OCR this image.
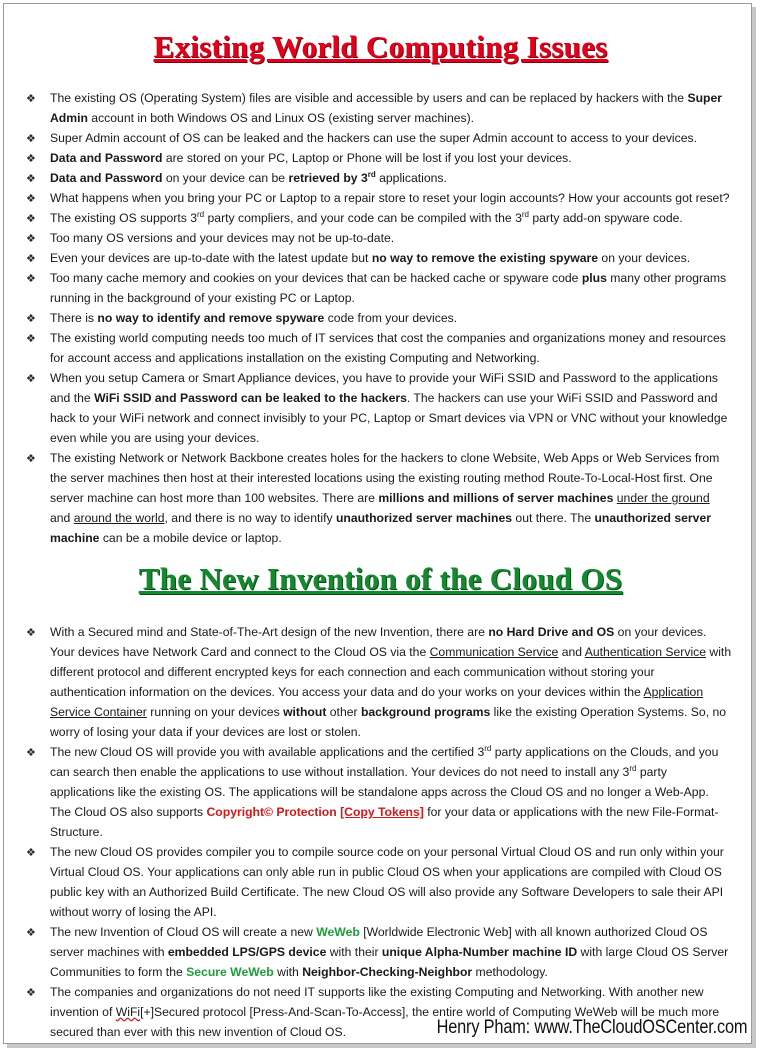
Existing World Computing Issues
❖ The existing OS (Operating System) files are visible and accessible by users and can be replaced by hackers with the Super Admin account in both Windows OS and Linux OS (existing server machines).
❖ Super Admin account of OS can be leaked and the hackers can use the super Admin account to access to your devices.
❖ Data and Password are stored on your PC, Laptop or Phone will be lost if you lost your devices.
❖ Data and Password on your device can be retrieved by 3rd applications.
❖ What happens when you bring your PC or Laptop to a repair store to reset your login accounts? How your accounts got reset?
❖ The existing OS supports 3rd party compliers, and your code can be compiled with the 3rd party add-on spyware code.
❖ Too many OS versions and your devices may not be up-to-date.
❖ Even your devices are up-to-date with the latest update but no way to remove the existing spyware on your devices.
❖ Too many cache memory and cookies on your devices that can be hacked cache or spyware code plus many other programs running in the background of your existing PC or Laptop.
❖ There is no way to identify and remove spyware code from your devices.
❖ The existing world computing needs too much of IT services that cost the companies and organizations money and resources for account access and applications installation on the existing Computing and Networking.
❖ When you setup Camera or Smart Appliance devices, you have to provide your WiFi SSID and Password to the applications and the WiFi SSID and Password can be leaked to the hackers. The hackers can use your WiFi SSID and Password and hack to your WiFi network and connect invisibly to your PC, Laptop or Smart devices via VPN or VNC without your knowledge even while you are using your devices.
❖ The existing Network or Network Backbone creates holes for the hackers to clone Website, Web Apps or Web Services from the server machines then host at their interested locations using the existing routing method Route-To-Local-Host first. One server machine can host more than 100 websites. There are millions and millions of server machines under the ground and around the world, and there is no way to identify unauthorized server machines out there. The unauthorized server machine can be a mobile device or laptop.
The New Invention of the Cloud OS
❖ With a Secured mind and State-of-The-Art design of the new Invention, there are no Hard Drive and OS on your devices. Your devices have Network Card and connect to the Cloud OS via the Communication Service and Authentication Service with different protocol and different encrypted keys for each connection and each communication without storing your authentication information on the devices. You access your data and do your works on your devices within the Application Service Container running on your devices without other background programs like the existing Operation Systems. So, no worry of losing your data if your devices are lost or stolen.
❖ The new Cloud OS will provide you with available applications and the certified 3rd party applications on the Clouds, and you can search then enable the applications to use without installation. Your devices do not need to install any 3rd party applications like the existing OS. The applications will be standalone apps across the Cloud OS and no longer a Web-App. The Cloud OS also supports Copyright© Protection [Copy Tokens] for your data or applications with the new File-Format-Structure.
❖ The new Cloud OS provides compiler you to compile source code on your personal Virtual Cloud OS and run only within your Virtual Cloud OS. Your applications can only able run in public Cloud OS when your applications are compiled with Cloud OS public key with an Authorized Build Certificate. The new Cloud OS will also provide any Software Developers to sale their API without worry of losing the API.
❖ The new Invention of Cloud OS will create a new WeWeb [Worldwide Electronic Web] with all known authorized Cloud OS server machines with embedded LPS/GPS device with their unique Alpha-Number machine ID with large Cloud OS Server Communities to form the Secure WeWeb with Neighbor-Checking-Neighbor methodology.
❖ The companies and organizations do not need IT supports like the existing Computing and Networking. With another new invention of WiFi[+]Secured protocol [Press-And-Scan-To-Access], the entire world of Computing WeWeb will be much more secured than ever with this new invention of Cloud OS.	Henry Pham: www.TheCloudOSCenter.com
